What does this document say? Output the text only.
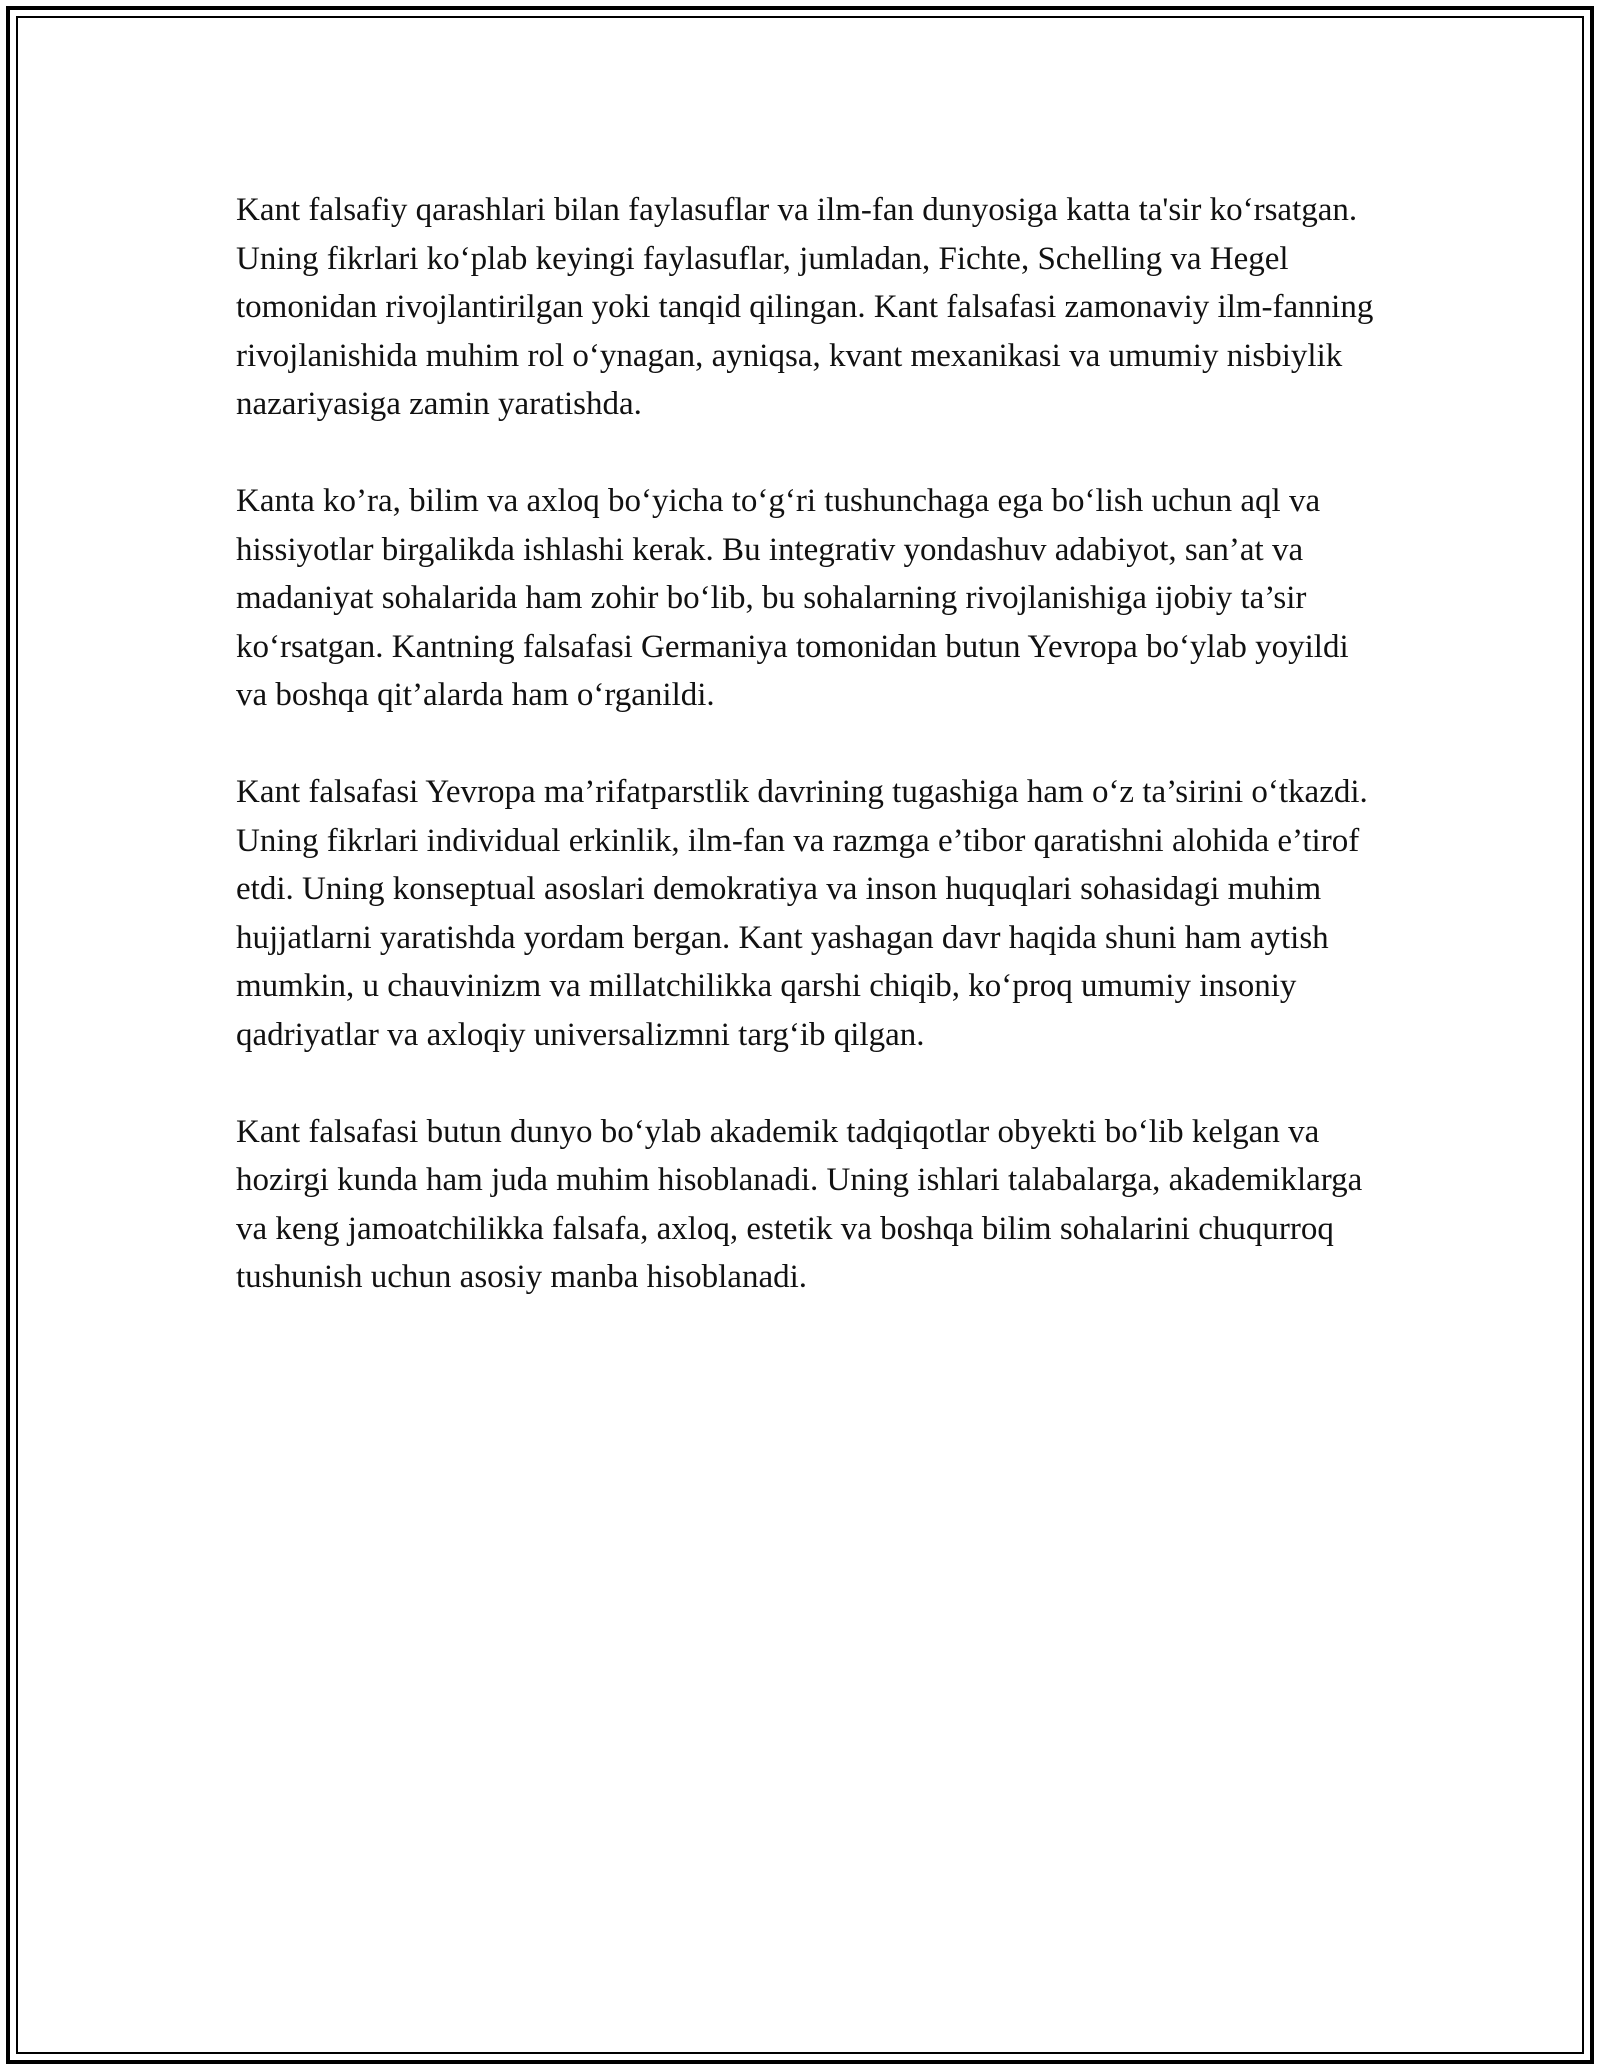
Kant falsafiy qarashlari bilan faylasuflar va ilm-fan dunyosiga katta ta'sir ko‘rsatgan. Uning fikrlari ko‘plab keyingi faylasuflar, jumladan, Fichte, Schelling va Hegel tomonidan rivojlantirilgan yoki tanqid qilingan. Kant falsafasi zamonaviy ilm-fanning rivojlanishida muhim rol o‘ynagan, ayniqsa, kvant mexanikasi va umumiy nisbiylik nazariyasiga zamin yaratishda.

Kanta ko’ra, bilim va axloq bo‘yicha to‘g‘ri tushunchaga ega bo‘lish uchun aql va hissiyotlar birgalikda ishlashi kerak. Bu integrativ yondashuv adabiyot, san’at va madaniyat sohalarida ham zohir bo‘lib, bu sohalarning rivojlanishiga ijobiy ta’sir ko‘rsatgan. Kantning falsafasi Germaniya tomonidan butun Yevropa bo‘ylab yoyildi va boshqa qit’alarda ham o‘rganildi.

Kant falsafasi Yevropa ma’rifatparstlik davrining tugashiga ham o‘z ta’sirini o‘tkazdi. Uning fikrlari individual erkinlik, ilm-fan va razmga e’tibor qaratishni alohida e’tirof etdi. Uning konseptual asoslari demokratiya va inson huquqlari sohasidagi muhim hujjatlarni yaratishda yordam bergan. Kant yashagan davr haqida shuni ham aytish mumkin, u chauvinizm va millatchilikka qarshi chiqib, ko‘proq umumiy insoniy qadriyatlar va axloqiy universalizmni targ‘ib qilgan.

Kant falsafasi butun dunyo bo‘ylab akademik tadqiqotlar obyekti bo‘lib kelgan va hozirgi kunda ham juda muhim hisoblanadi. Uning ishlari talabalarga, akademiklarga va keng jamoatchilikka falsafa, axloq, estetik va boshqa bilim sohalarini chuqurroq tushunish uchun asosiy manba hisoblanadi.
